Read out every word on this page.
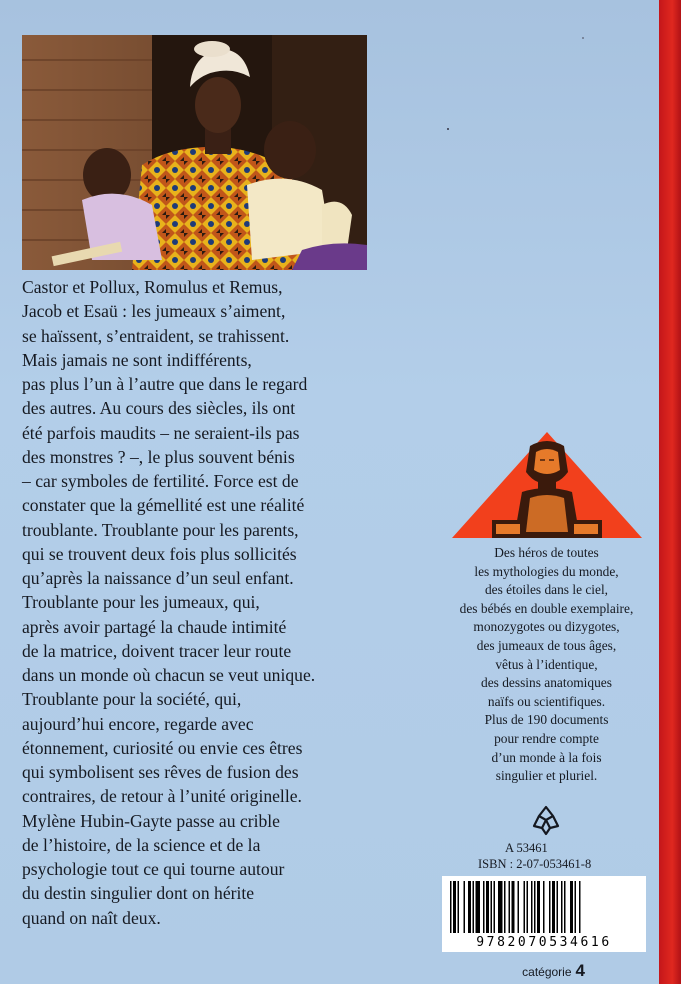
Castor et Pollux, Romulus et Remus,
Jacob et Esaü : les jumeaux s’aiment,
se haïssent, s’entraident, se trahissent.
Mais jamais ne sont indifférents,
pas plus l’un à l’autre que dans le regard
des autres. Au cours des siècles, ils ont
été parfois maudits – ne seraient-ils pas
des monstres ? –, le plus souvent bénis
– car symboles de fertilité. Force est de
constater que la gémellité est une réalité
troublante. Troublante pour les parents,
qui se trouvent deux fois plus sollicités
qu’après la naissance d’un seul enfant.
Troublante pour les jumeaux, qui,
après avoir partagé la chaude intimité
de la matrice, doivent tracer leur route
dans un monde où chacun se veut unique.
Troublante pour la société, qui,
aujourd’hui encore, regarde avec
étonnement, curiosité ou envie ces êtres
qui symbolisent ses rêves de fusion des
contraires, de retour à l’unité originelle.
Mylène Hubin-Gayte passe au crible
de l’histoire, de la science et de la
psychologie tout ce qui tourne autour
du destin singulier dont on hérite
quand on naît deux.
Des héros de toutes
les mythologies du monde,
des étoiles dans le ciel,
des bébés en double exemplaire,
monozygotes ou dizygotes,
des jumeaux de tous âges,
vêtus à l’identique,
des dessins anatomiques
naïfs ou scientifiques.
Plus de 190 documents
pour rendre compte
d’un monde à la fois
singulier et pluriel.
A 53461
ISBN : 2-07-053461-8
9782070534616
catégorie 4
